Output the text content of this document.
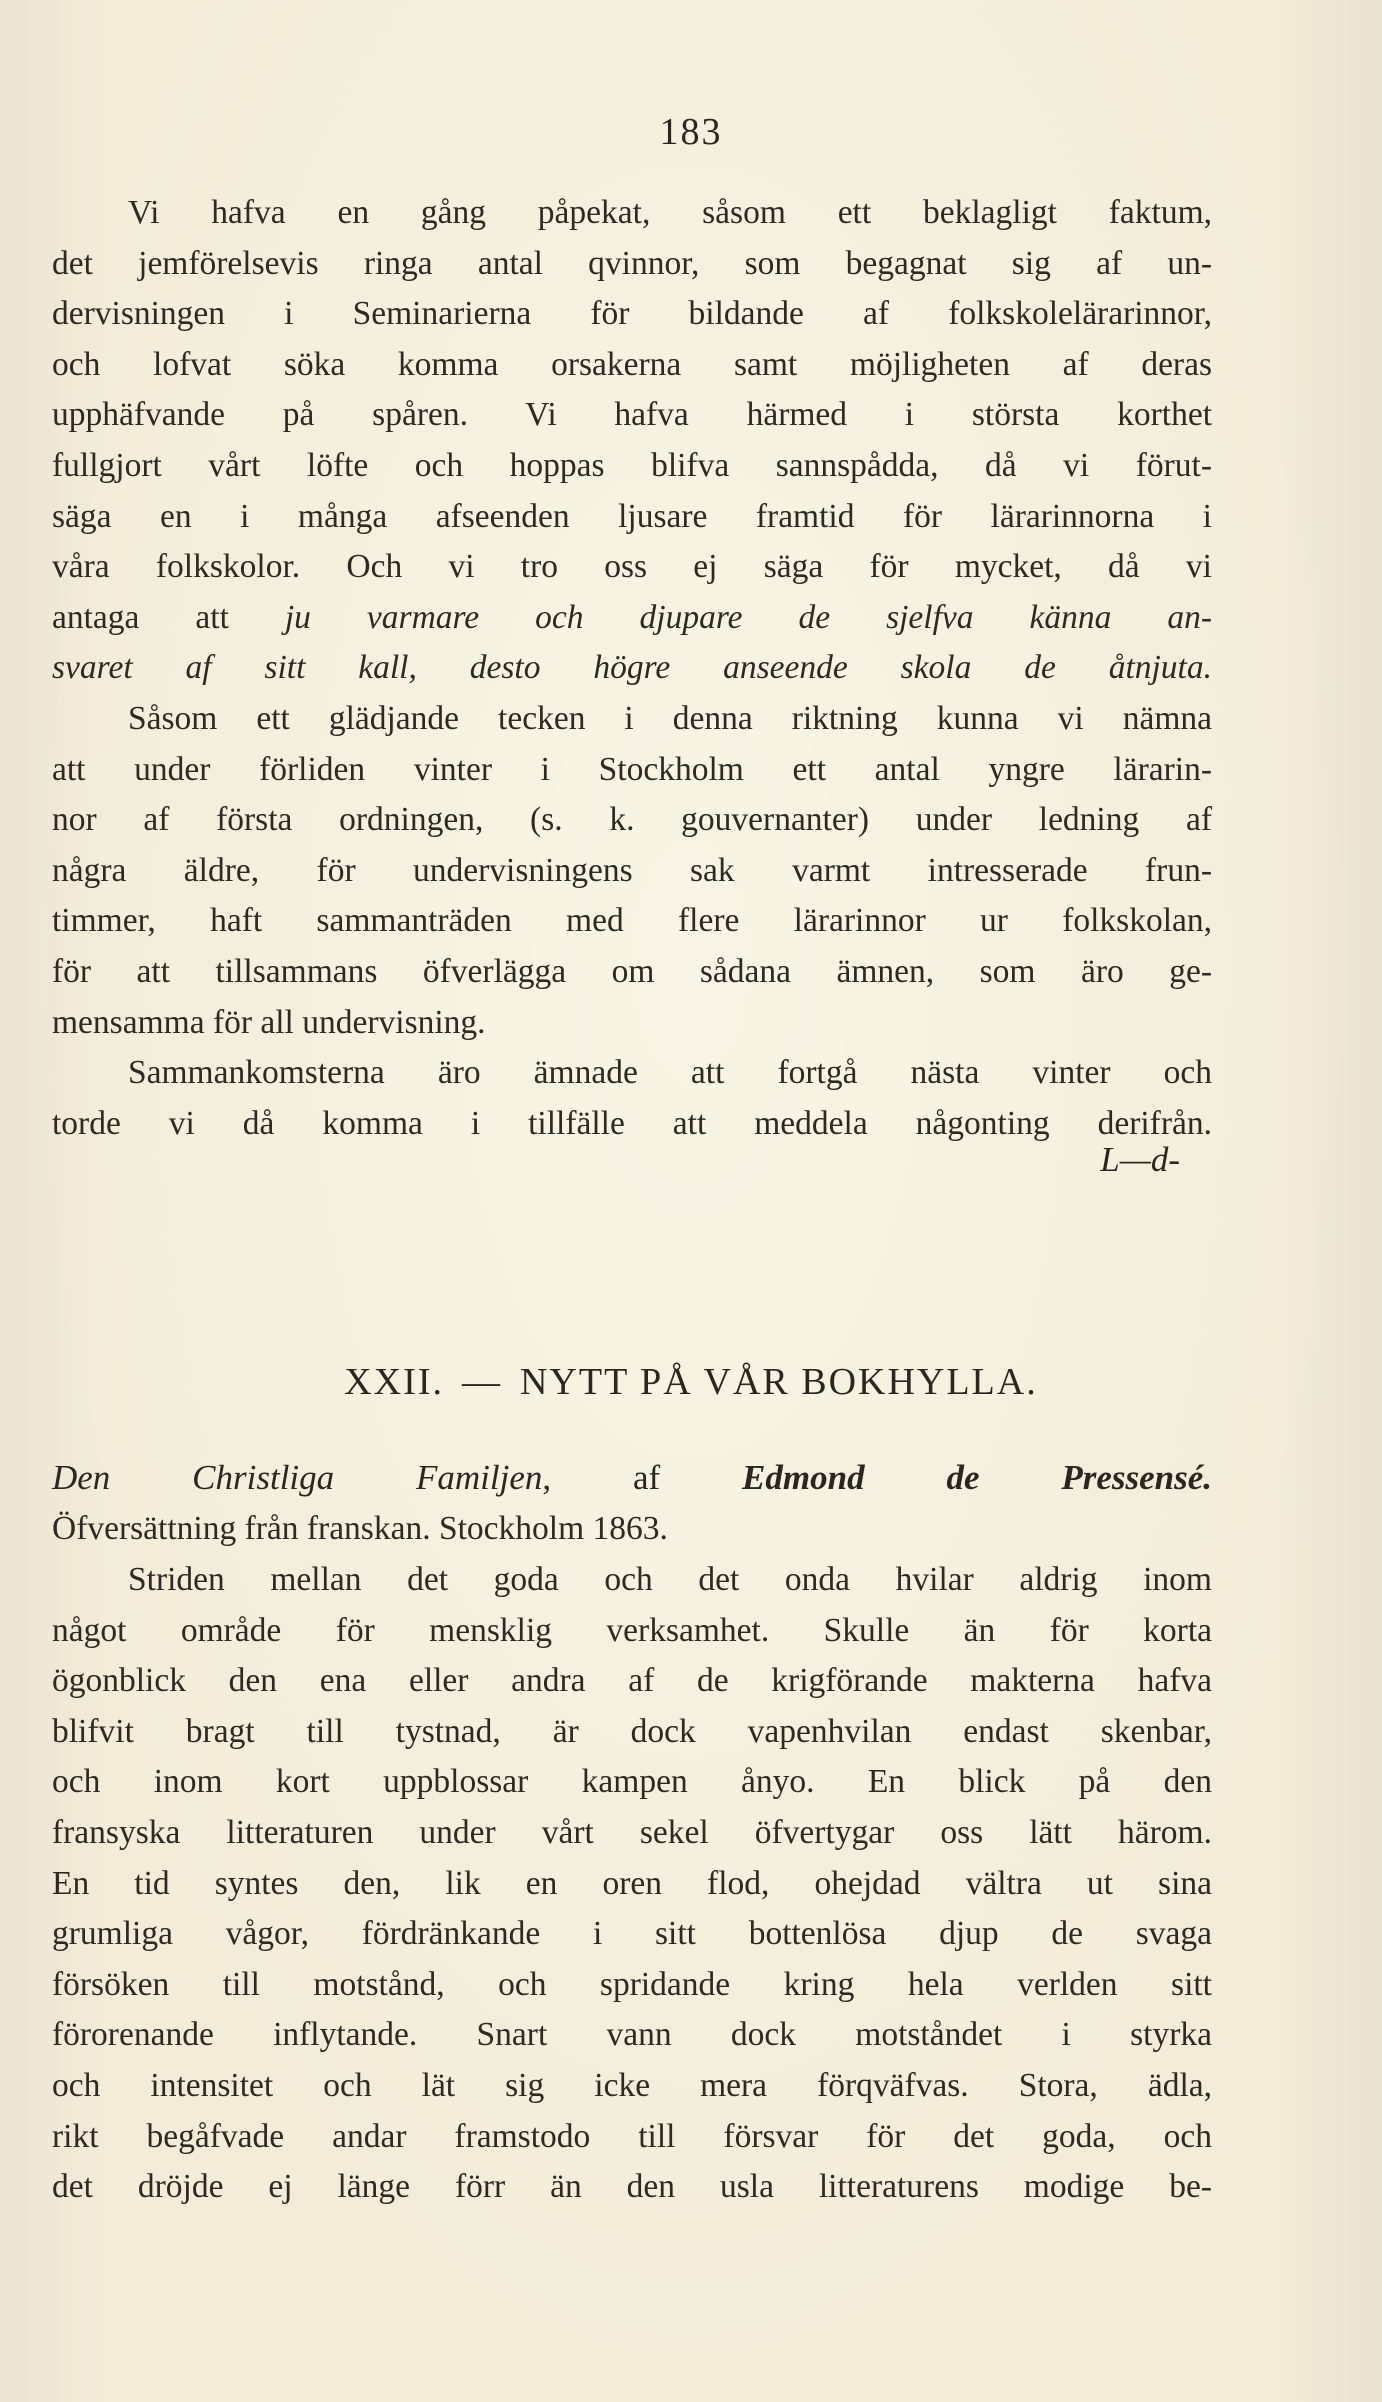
183
Vi hafva en gång påpekat, såsom ett beklagligt faktum,
det jemförelsevis ringa antal qvinnor, som begagnat sig af un-
dervisningen i Seminarierna för bildande af folkskolelärarinnor,
och lofvat söka komma orsakerna samt möjligheten af deras
upphäfvande på spåren. Vi hafva härmed i största korthet
fullgjort vårt löfte och hoppas blifva sannspådda, då vi förut-
säga en i många afseenden ljusare framtid för lärarinnorna i
våra folkskolor. Och vi tro oss ej säga för mycket, då vi
antaga att ju varmare och djupare de sjelfva känna an-
svaret af sitt kall, desto högre anseende skola de åtnjuta.
Såsom ett glädjande tecken i denna riktning kunna vi nämna
att under förliden vinter i Stockholm ett antal yngre lärarin-
nor af första ordningen, (s. k. gouvernanter) under ledning af
några äldre, för undervisningens sak varmt intresserade frun-
timmer, haft sammanträden med flere lärarinnor ur folkskolan,
för att tillsammans öfverlägga om sådana ämnen, som äro ge-
mensamma för all undervisning.
Sammankomsterna äro ämnade att fortgå nästa vinter och
torde vi då komma i tillfälle att meddela någonting derifrån.
L—d-
XXII. — NYTT PÅ VÅR BOKHYLLA.
Den Christliga Familjen, af Edmond de Pressensé.
Öfversättning från franskan. Stockholm 1863.
Striden mellan det goda och det onda hvilar aldrig inom
något område för mensklig verksamhet. Skulle än för korta
ögonblick den ena eller andra af de krigförande makterna hafva
blifvit bragt till tystnad, är dock vapenhvilan endast skenbar,
och inom kort uppblossar kampen ånyo. En blick på den
fransyska litteraturen under vårt sekel öfvertygar oss lätt härom.
En tid syntes den, lik en oren flod, ohejdad vältra ut sina
grumliga vågor, fördränkande i sitt bottenlösa djup de svaga
försöken till motstånd, och spridande kring hela verlden sitt
förorenande inflytande. Snart vann dock motståndet i styrka
och intensitet och lät sig icke mera förqväfvas. Stora, ädla,
rikt begåfvade andar framstodo till försvar för det goda, och
det dröjde ej länge förr än den usla litteraturens modige be-
